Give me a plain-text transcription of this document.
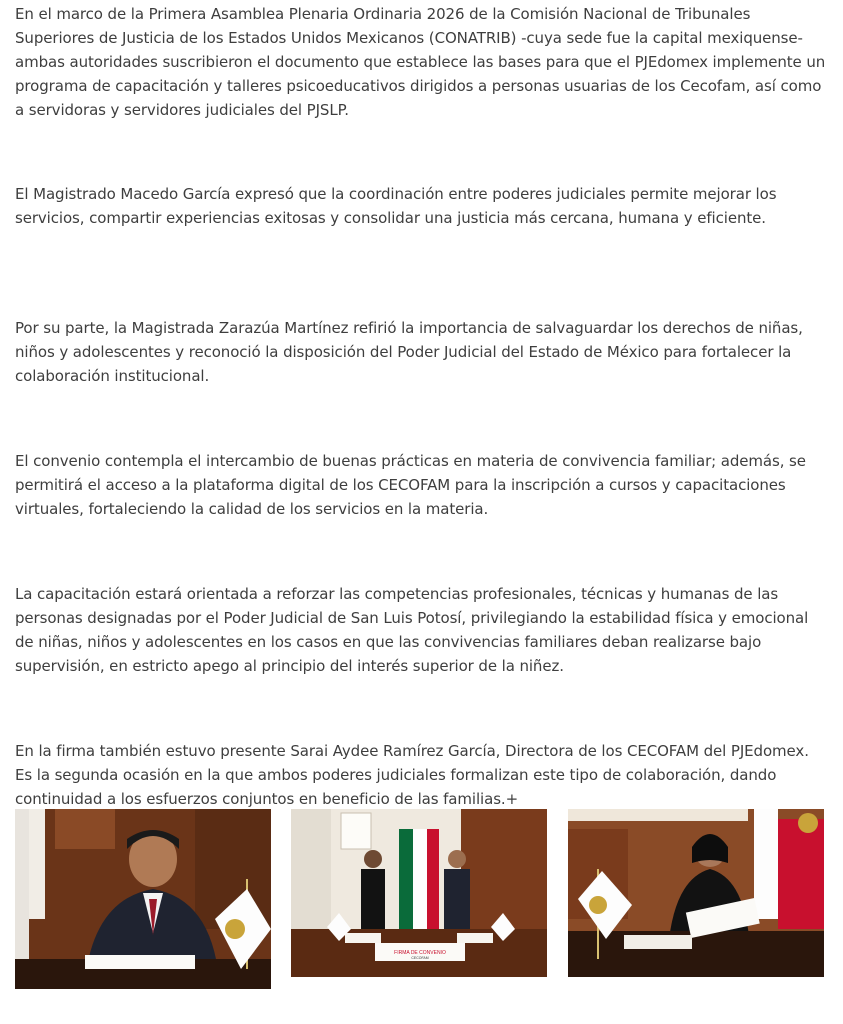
En el marco de la Primera Asamblea Plenaria Ordinaria 2026 de la Comisión Nacional de Tribunales Superiores de Justicia de los Estados Unidos Mexicanos (CONATRIB) -cuya sede fue la capital mexiquense- ambas autoridades suscribieron el documento que establece las bases para que el PJEdomex implemente un programa de capacitación y talleres psicoeducativos dirigidos a personas usuarias de los Cecofam, así como a servidoras y servidores judiciales del PJSLP.

El Magistrado Macedo García expresó que la coordinación entre poderes judiciales permite mejorar los servicios, compartir experiencias exitosas y consolidar una justicia más cercana, humana y eficiente.

Por su parte, la Magistrada Zarazúa Martínez refirió la importancia de salvaguardar los derechos de niñas, niños y adolescentes y reconoció la disposición del Poder Judicial del Estado de México para fortalecer la colaboración institucional.

El convenio contempla el intercambio de buenas prácticas en materia de convivencia familiar; además, se permitirá el acceso a la plataforma digital de los CECOFAM para la inscripción a cursos y capacitaciones virtuales, fortaleciendo la calidad de los servicios en la materia.

La capacitación estará orientada a reforzar las competencias profesionales, técnicas y humanas de las personas designadas por el Poder Judicial de San Luis Potosí, privilegiando la estabilidad física y emocional de niñas, niños y adolescentes en los casos en que las convivencias familiares deban realizarse bajo supervisión, en estricto apego al principio del interés superior de la niñez.

En la firma también estuvo presente Sarai Aydee Ramírez García, Directora de los CECOFAM del PJEdomex. Es la segunda ocasión en la que ambos poderes judiciales formalizan este tipo de colaboración, dando continuidad a los esfuerzos conjuntos en beneficio de las familias.+

FIRMA DE CONVENIO
CECOFAM
